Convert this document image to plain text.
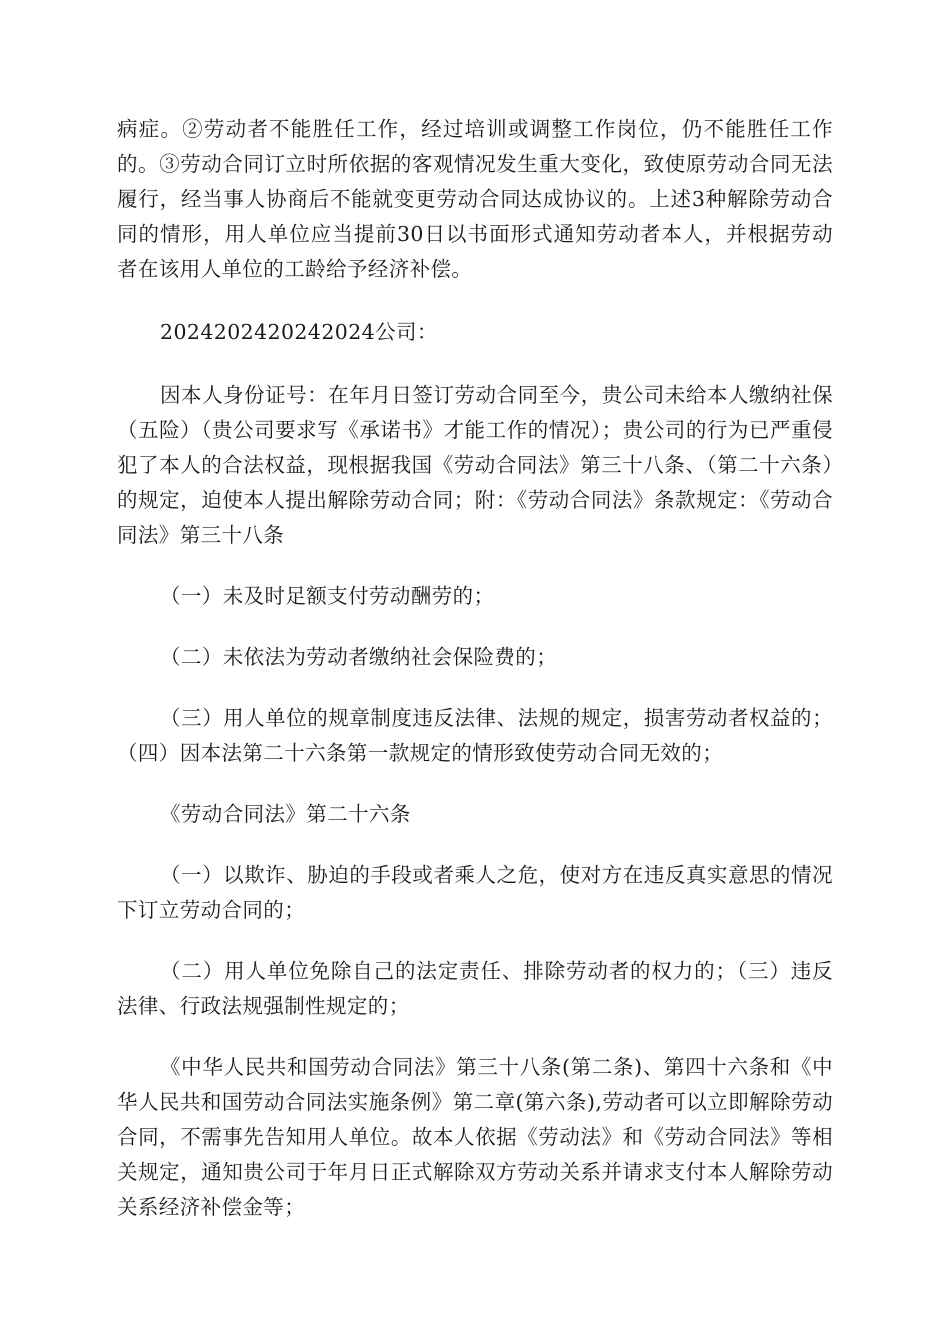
病症。②劳动者不能胜任工作，经过培训或调整工作岗位，仍不能胜任工作的。③劳动合同订立时所依据的客观情况发生重大变化，致使原劳动合同无法履行，经当事人协商后不能就变更劳动合同达成协议的。上述3种解除劳动合同的情形，用人单位应当提前30日以书面形式通知劳动者本人，并根据劳动者在该用人单位的工龄给予经济补偿。

2024202420242024公司：

因本人身份证号：在年月日签订劳动合同至今，贵公司未给本人缴纳社保（五险）（贵公司要求写《承诺书》才能工作的情况）；贵公司的行为已严重侵犯了本人的合法权益，现根据我国《劳动合同法》第三十八条、（第二十六条）的规定，迫使本人提出解除劳动合同；附：《劳动合同法》条款规定：《劳动合同法》第三十八条

（一）未及时足额支付劳动酬劳的；

（二）未依法为劳动者缴纳社会保险费的；

（三）用人单位的规章制度违反法律、法规的规定，损害劳动者权益的；（四）因本法第二十六条第一款规定的情形致使劳动合同无效的；

《劳动合同法》第二十六条

（一）以欺诈、胁迫的手段或者乘人之危，使对方在违反真实意思的情况下订立劳动合同的；

（二）用人单位免除自己的法定责任、排除劳动者的权力的；（三）违反法律、行政法规强制性规定的；

《中华人民共和国劳动合同法》第三十八条(第二条)、第四十六条和《中华人民共和国劳动合同法实施条例》第二章(第六条),劳动者可以立即解除劳动合同，不需事先告知用人单位。故本人依据《劳动法》和《劳动合同法》等相关规定，通知贵公司于年月日正式解除双方劳动关系并请求支付本人解除劳动关系经济补偿金等；
